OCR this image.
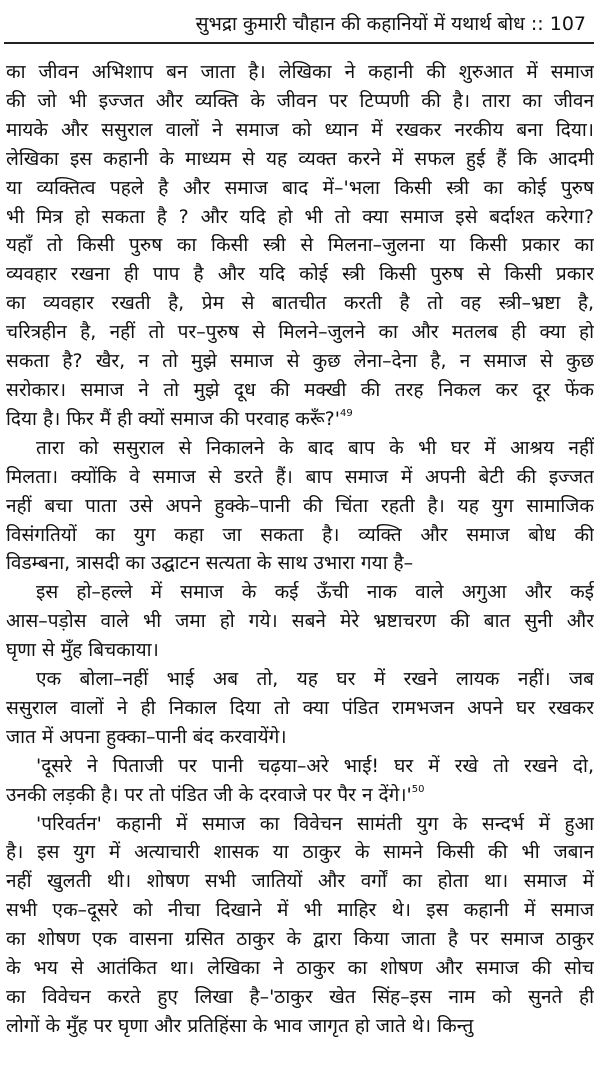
सुभद्रा कुमारी चौहान की कहानियों में यथार्थ बोध :: 107
का जीवन अभिशाप बन जाता है। लेखिका ने कहानी की शुरुआत में समाज
की जो भी इज्जत और व्यक्ति के जीवन पर टिप्पणी की है। तारा का जीवन
मायके और ससुराल वालों ने समाज को ध्यान में रखकर नरकीय बना दिया।
लेखिका इस कहानी के माध्यम से यह व्यक्त करने में सफल हुई हैं कि आदमी
या व्यक्तित्व पहले है और समाज बाद में–'भला किसी स्त्री का कोई पुरुष
भी मित्र हो सकता है ? और यदि हो भी तो क्या समाज इसे बर्दाश्त करेगा?
यहाँ तो किसी पुरुष का किसी स्त्री से मिलना–जुलना या किसी प्रकार का
व्यवहार रखना ही पाप है और यदि कोई स्त्री किसी पुरुष से किसी प्रकार
का व्यवहार रखती है, प्रेम से बातचीत करती है तो वह स्त्री–भ्रष्टा है,
चरित्रहीन है, नहीं तो पर–पुरुष से मिलने–जुलने का और मतलब ही क्या हो
सकता है? खैर, न तो मुझे समाज से कुछ लेना–देना है, न समाज से कुछ
सरोकार। समाज ने तो मुझे दूध की मक्खी की तरह निकल कर दूर फेंक
दिया है। फिर मैं ही क्यों समाज की परवाह $करूँ?'^{49}$
तारा को ससुराल से निकालने के बाद बाप के भी घर में आश्रय नहीं
मिलता। क्योंकि वे समाज से डरते हैं। बाप समाज में अपनी बेटी की इज्जत
नहीं बचा पाता उसे अपने हुक्के–पानी की चिंता रहती है। यह युग सामाजिक
विसंगतियों का युग कहा जा सकता है। व्यक्ति और समाज बोध की
विडम्बना, त्रासदी का उद्घाटन सत्यता के साथ उभारा गया है–
इस हो–हल्ले में समाज के कई ऊँची नाक वाले अगुआ और कई
आस–पड़ोस वाले भी जमा हो गये। सबने मेरे भ्रष्टाचरण की बात सुनी और
घृणा से मुँह बिचकाया।
एक बोला–नहीं भाई अब तो, यह घर में रखने लायक नहीं। जब
ससुराल वालों ने ही निकाल दिया तो क्या पंडित रामभजन अपने घर रखकर
जात में अपना हुक्का–पानी बंद करवायेंगे।
'दूसरे ने पिताजी पर पानी चढ़या–अरे भाई! घर में रखे तो रखने दो,
उनकी लड़की है। पर तो पंडित जी के दरवाजे पर पैर न $देंगे।'^{50}$
'परिवर्तन' कहानी में समाज का विवेचन सामंती युग के सन्दर्भ में हुआ
है। इस युग में अत्याचारी शासक या ठाकुर के सामने किसी की भी जबान
नहीं खुलती थी। शोषण सभी जातियों और वर्गों का होता था। समाज में
सभी एक–दूसरे को नीचा दिखाने में भी माहिर थे। इस कहानी में समाज
का शोषण एक वासना ग्रसित ठाकुर के द्वारा किया जाता है पर समाज ठाकुर
के भय से आतंकित था। लेखिका ने ठाकुर का शोषण और समाज की सोच
का विवेचन करते हुए लिखा है–'ठाकुर खेत सिंह–इस नाम को सुनते ही
लोगों के मुँह पर घृणा और प्रतिहिंसा के भाव जागृत हो जाते थे। किन्तु
